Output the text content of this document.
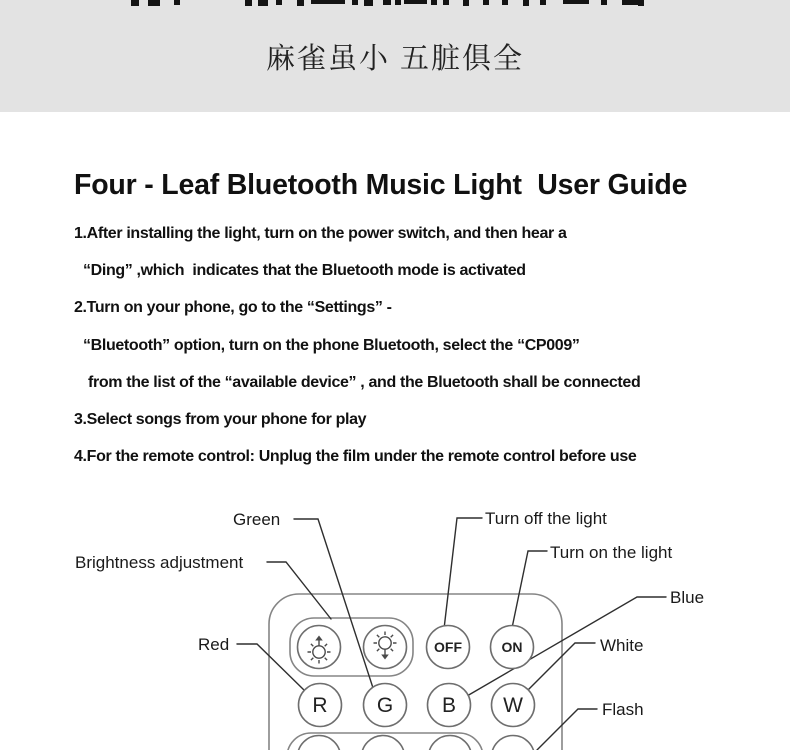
麻雀虽小 五脏俱全
Four - Leaf Bluetooth Music Light  User Guide
1.After installing the light, turn on the power switch, and then hear a
“Ding” ,which  indicates that the Bluetooth mode is activated
2.Turn on your phone, go to the “Settings” -
“Bluetooth” option, turn on the phone Bluetooth, select the “CP009”
from the list of the “available device” , and the Bluetooth shall be connected
3.Select songs from your phone for play
4.For the remote control: Unplug the film under the remote control before use
OFF	ON
R G B W
Green	Turn off the light
Brightness adjustment
Turn on the light
Blue
Red	White
Flash
